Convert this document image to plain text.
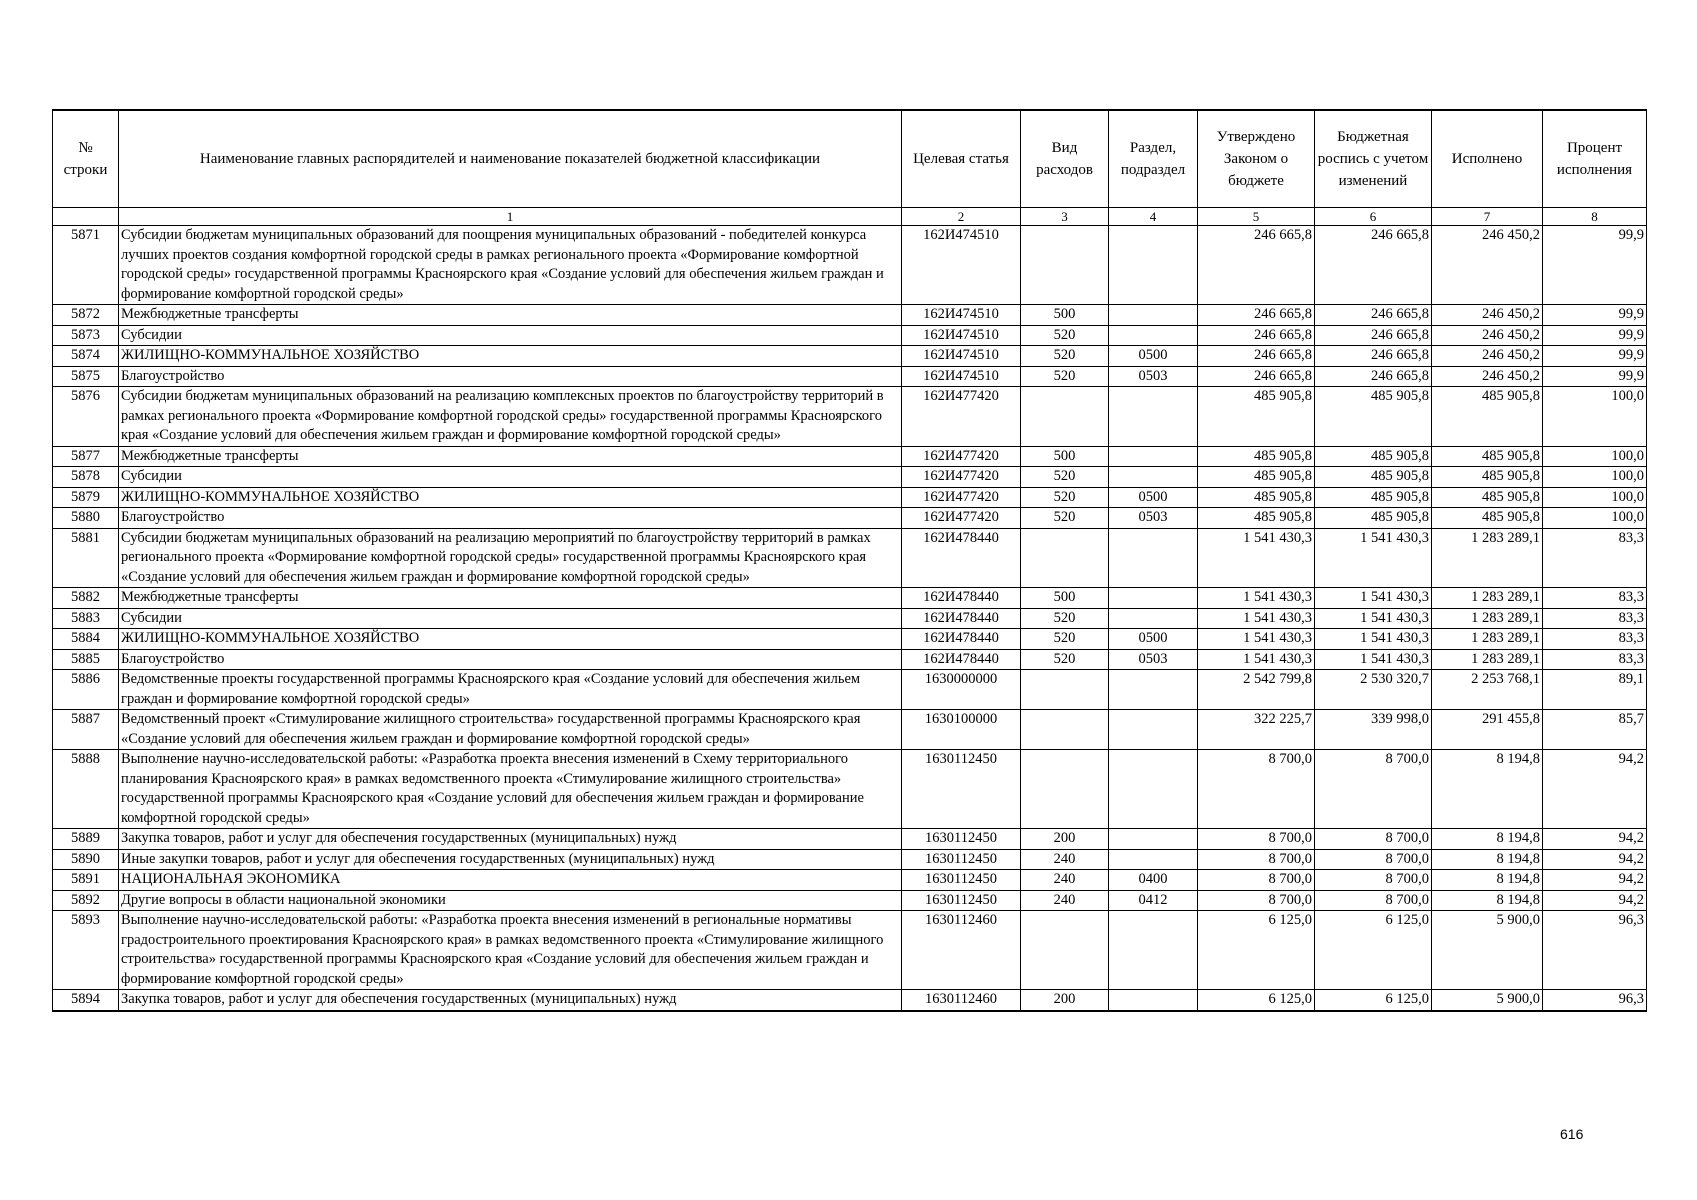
№ строки	Наименование главных распорядителей и наименование показателей бюджетной классификации	Целевая статья	Вид расходов	Раздел, подраздел	Утверждено Законом о бюджете	Бюджетная роспись с учетом изменений	Исполнено	Процент исполнения
	1	2	3	4	5	6	7	8
5871	Субсидии бюджетам муниципальных образований для поощрения муниципальных образований - победителей конкурса лучших проектов создания комфортной городской среды в рамках регионального проекта «Формирование комфортной городской среды» государственной программы Красноярского края «Создание условий для обеспечения жильем граждан и формирование комфортной городской среды»	162И474510			246 665,8	246 665,8	246 450,2	99,9
5872	Межбюджетные трансферты	162И474510	500		246 665,8	246 665,8	246 450,2	99,9
5873	Субсидии	162И474510	520		246 665,8	246 665,8	246 450,2	99,9
5874	ЖИЛИЩНО-КОММУНАЛЬНОЕ ХОЗЯЙСТВО	162И474510	520	0500	246 665,8	246 665,8	246 450,2	99,9
5875	Благоустройство	162И474510	520	0503	246 665,8	246 665,8	246 450,2	99,9
5876	Субсидии бюджетам муниципальных образований на реализацию комплексных проектов по благоустройству территорий в рамках регионального проекта «Формирование комфортной городской среды» государственной программы Красноярского края «Создание условий для обеспечения жильем граждан и формирование комфортной городской среды»	162И477420			485 905,8	485 905,8	485 905,8	100,0
5877	Межбюджетные трансферты	162И477420	500		485 905,8	485 905,8	485 905,8	100,0
5878	Субсидии	162И477420	520		485 905,8	485 905,8	485 905,8	100,0
5879	ЖИЛИЩНО-КОММУНАЛЬНОЕ ХОЗЯЙСТВО	162И477420	520	0500	485 905,8	485 905,8	485 905,8	100,0
5880	Благоустройство	162И477420	520	0503	485 905,8	485 905,8	485 905,8	100,0
5881	Субсидии бюджетам муниципальных образований на реализацию мероприятий по благоустройству территорий в рамках регионального проекта «Формирование комфортной городской среды» государственной программы Красноярского края «Создание условий для обеспечения жильем граждан и формирование комфортной городской среды»	162И478440			1 541 430,3	1 541 430,3	1 283 289,1	83,3
5882	Межбюджетные трансферты	162И478440	500		1 541 430,3	1 541 430,3	1 283 289,1	83,3
5883	Субсидии	162И478440	520		1 541 430,3	1 541 430,3	1 283 289,1	83,3
5884	ЖИЛИЩНО-КОММУНАЛЬНОЕ ХОЗЯЙСТВО	162И478440	520	0500	1 541 430,3	1 541 430,3	1 283 289,1	83,3
5885	Благоустройство	162И478440	520	0503	1 541 430,3	1 541 430,3	1 283 289,1	83,3
5886	Ведомственные проекты государственной программы Красноярского края «Создание условий для обеспечения жильем граждан и формирование комфортной городской среды»	1630000000			2 542 799,8	2 530 320,7	2 253 768,1	89,1
5887	Ведомственный проект «Стимулирование жилищного строительства» государственной программы Красноярского края «Создание условий для обеспечения жильем граждан и формирование комфортной городской среды»	1630100000			322 225,7	339 998,0	291 455,8	85,7
5888	Выполнение научно-исследовательской работы: «Разработка проекта внесения изменений в Схему территориального планирования Красноярского края» в рамках ведомственного проекта «Стимулирование жилищного строительства» государственной программы Красноярского края «Создание условий для обеспечения жильем граждан и формирование комфортной городской среды»	1630112450			8 700,0	8 700,0	8 194,8	94,2
5889	Закупка товаров, работ и услуг для обеспечения государственных (муниципальных) нужд	1630112450	200		8 700,0	8 700,0	8 194,8	94,2
5890	Иные закупки товаров, работ и услуг для обеспечения государственных (муниципальных) нужд	1630112450	240		8 700,0	8 700,0	8 194,8	94,2
5891	НАЦИОНАЛЬНАЯ ЭКОНОМИКА	1630112450	240	0400	8 700,0	8 700,0	8 194,8	94,2
5892	Другие вопросы в области национальной экономики	1630112450	240	0412	8 700,0	8 700,0	8 194,8	94,2
5893	Выполнение научно-исследовательской работы: «Разработка проекта внесения изменений в региональные нормативы градостроительного проектирования Красноярского края» в рамках ведомственного проекта «Стимулирование жилищного строительства» государственной программы Красноярского края «Создание условий для обеспечения жильем граждан и формирование комфортной городской среды»	1630112460			6 125,0	6 125,0	5 900,0	96,3
5894	Закупка товаров, работ и услуг для обеспечения государственных (муниципальных) нужд	1630112460	200		6 125,0	6 125,0	5 900,0	96,3
616
